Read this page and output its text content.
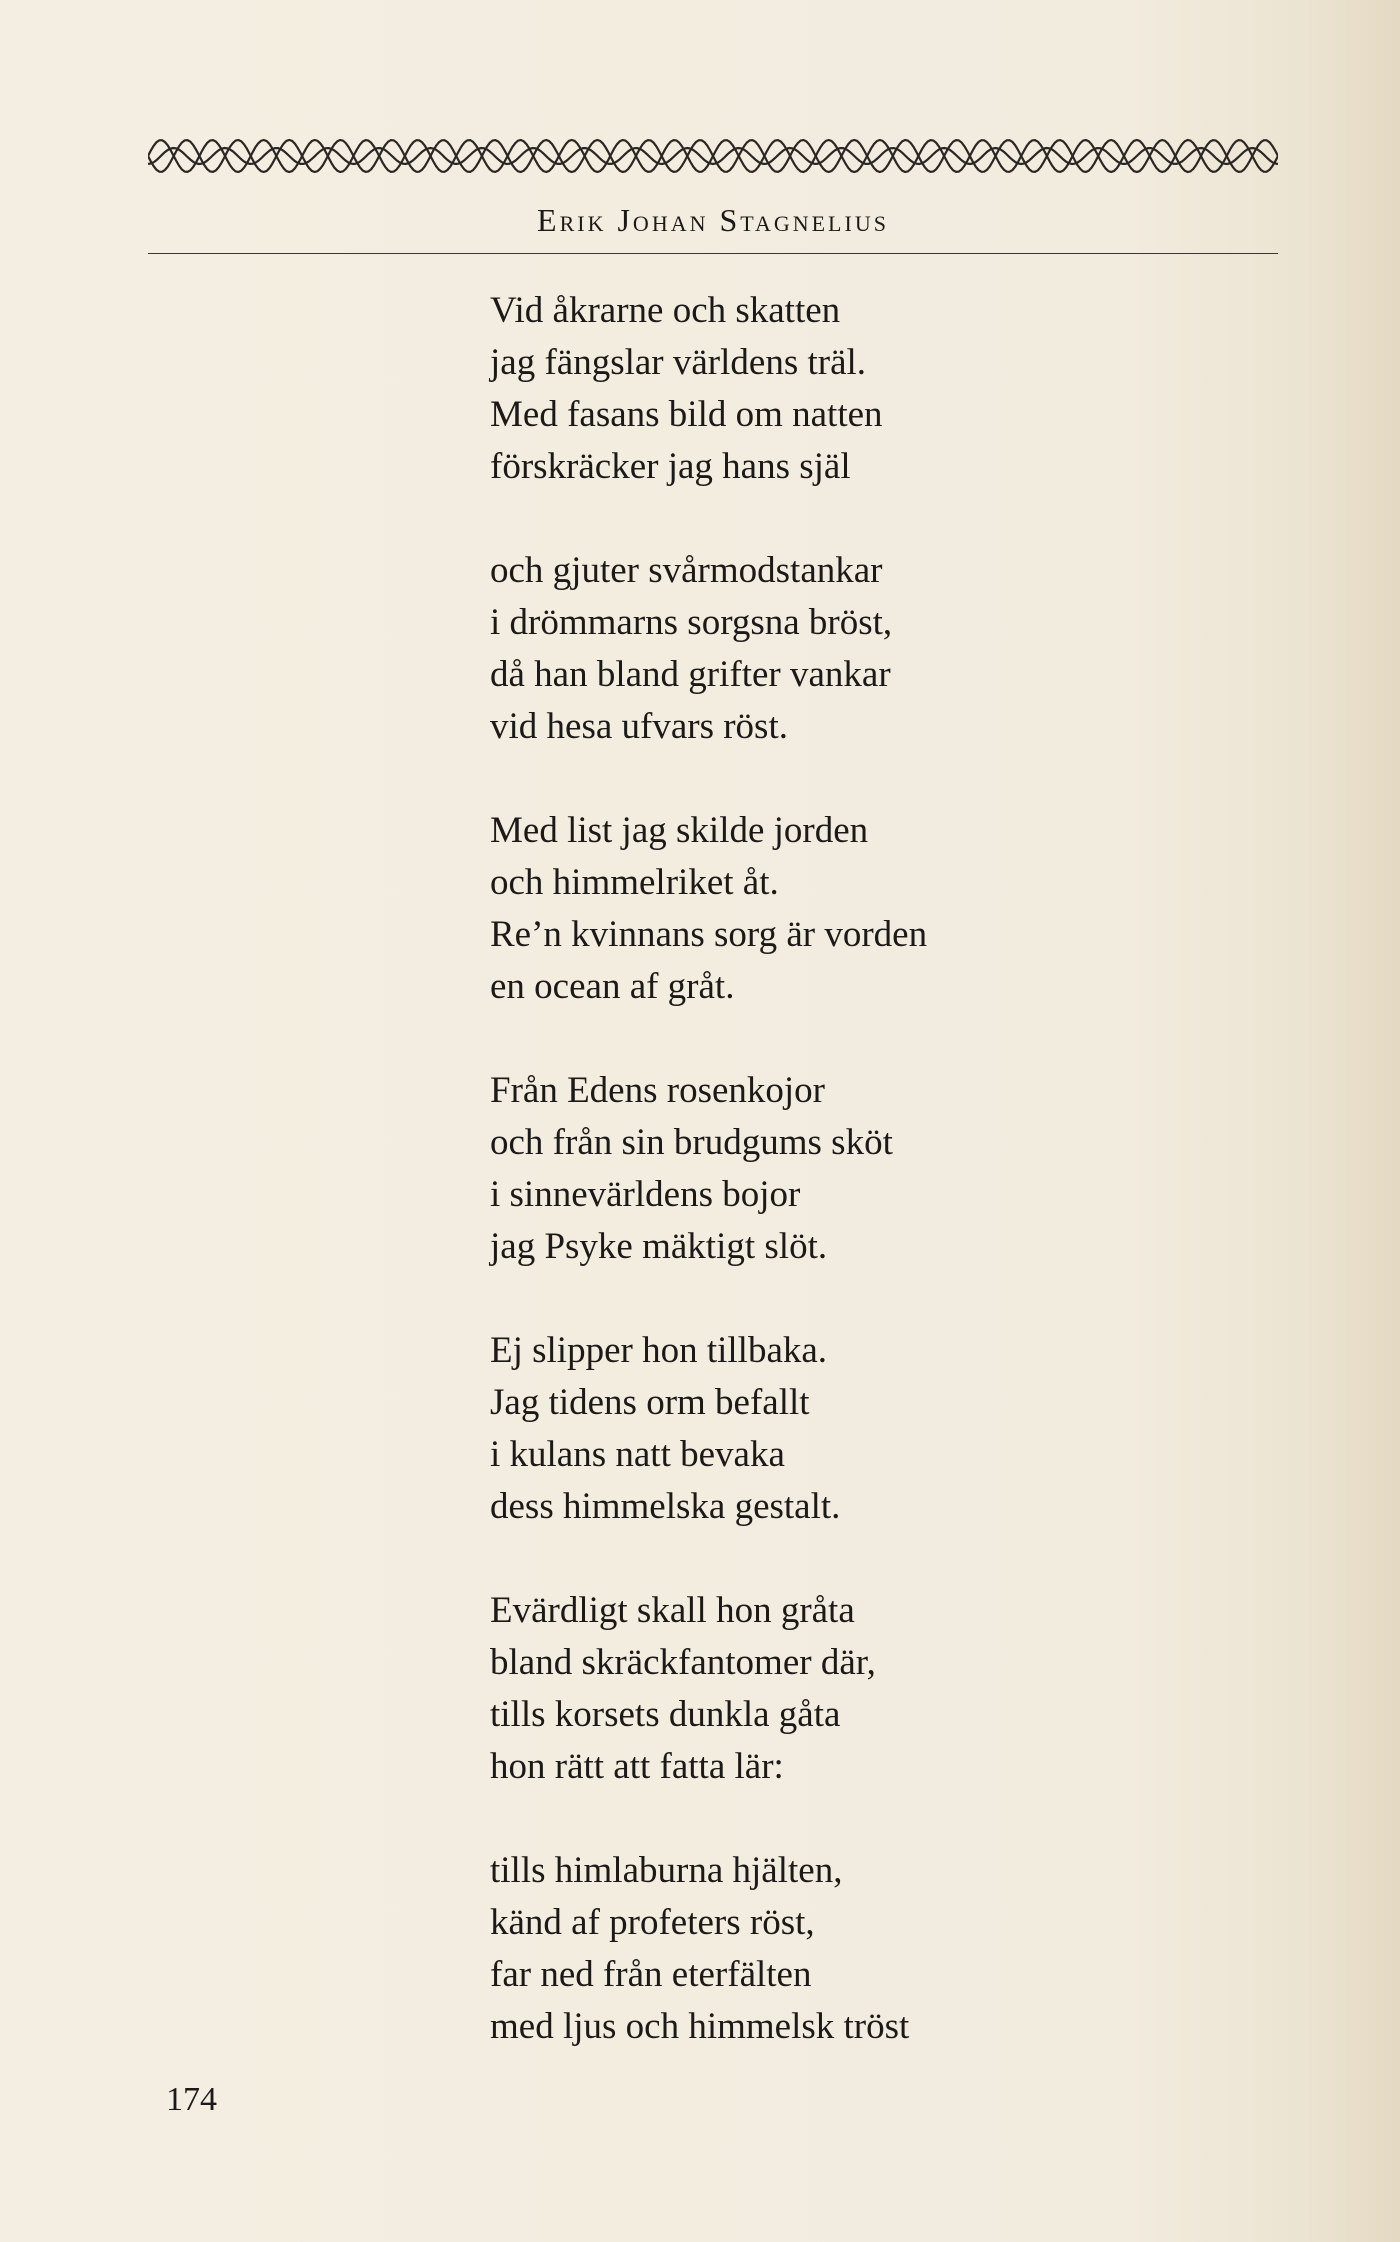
Erik Johan Stagnelius
Vid åkrarne och skatten
jag fängslar världens träl.
Med fasans bild om natten
förskräcker jag hans själ
och gjuter svårmodstankar
i drömmarns sorgsna bröst,
då han bland grifter vankar
vid hesa ufvars röst.
Med list jag skilde jorden
och himmelriket åt.
Re’n kvinnans sorg är vorden
en ocean af gråt.
Från Edens rosenkojor
och från sin brudgums sköt
i sinnevärldens bojor
jag Psyke mäktigt slöt.
Ej slipper hon tillbaka.
Jag tidens orm befallt
i kulans natt bevaka
dess himmelska gestalt.
Evärdligt skall hon gråta
bland skräckfantomer där,
tills korsets dunkla gåta
hon rätt att fatta lär:
tills himlaburna hjälten,
känd af profeters röst,
far ned från eterfälten
med ljus och himmelsk tröst
174
